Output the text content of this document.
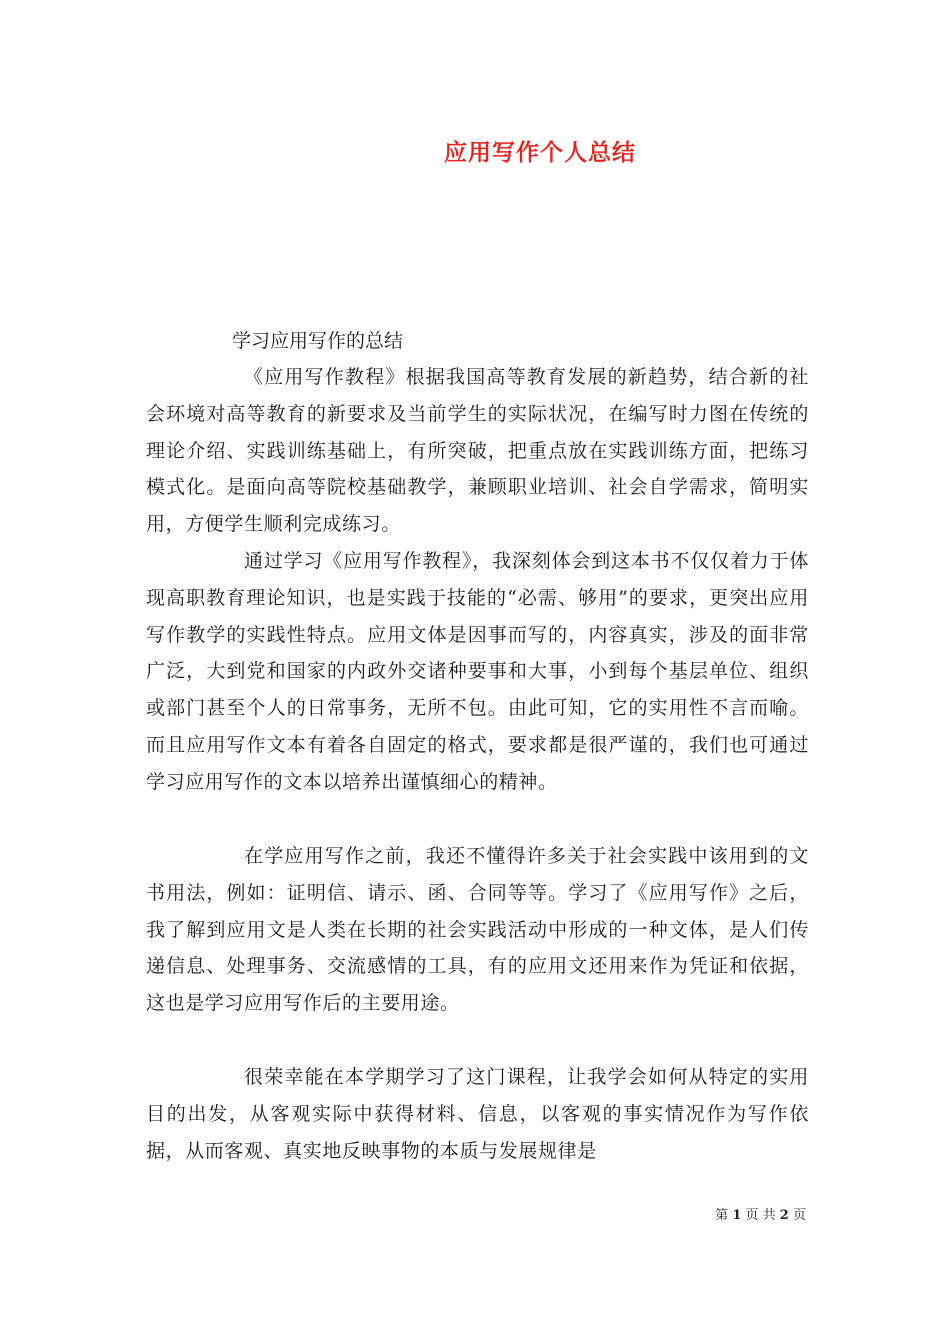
应用写作个人总结
学习应用写作的总结

《应用写作教程》根据我国高等教育发展的新趋势，结合新的社会环境对高等教育的新要求及当前学生的实际状况，在编写时力图在传统的理论介绍、实践训练基础上，有所突破，把重点放在实践训练方面，把练习模式化。是面向高等院校基础教学，兼顾职业培训、社会自学需求，简明实用，方便学生顺利完成练习。

通过学习《应用写作教程》，我深刻体会到这本书不仅仅着力于体现高职教育理论知识，也是实践于技能的“必需、够用”的要求，更突出应用写作教学的实践性特点。应用文体是因事而写的，内容真实，涉及的面非常广泛，大到党和国家的内政外交诸种要事和大事，小到每个基层单位、组织或部门甚至个人的日常事务，无所不包。由此可知，它的实用性不言而喻。而且应用写作文本有着各自固定的格式，要求都是很严谨的，我们也可通过学习应用写作的文本以培养出谨慎细心的精神。

在学应用写作之前，我还不懂得许多关于社会实践中该用到的文书用法，例如：证明信、请示、函、合同等等。学习了《应用写作》之后，我了解到应用文是人类在长期的社会实践活动中形成的一种文体，是人们传递信息、处理事务、交流感情的工具，有的应用文还用来作为凭证和依据，这也是学习应用写作后的主要用途。

很荣幸能在本学期学习了这门课程，让我学会如何从特定的实用目的出发，从客观实际中获得材料、信息，以客观的事实情况作为写作依据，从而客观、真实地反映事物的本质与发展规律是

第 1 页 共 2 页
